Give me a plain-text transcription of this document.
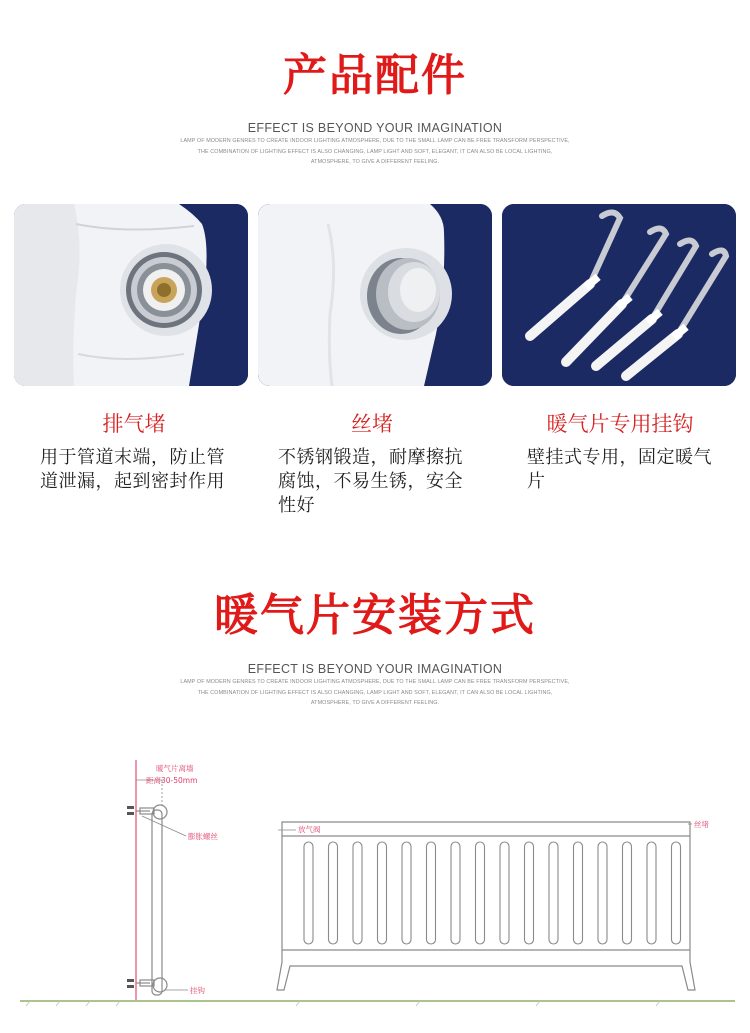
产品配件
EFFECT IS BEYOND YOUR IMAGINATION
LAMP OF MODERN GENRES TO CREATE INDOOR LIGHTING ATMOSPHERE, DUE TO THE SMALL LAMP CAN BE FREE TRANSFORM PERSPECTIVE,
THE COMBINATION OF LIGHTING EFFECT IS ALSO CHANGING, LAMP LIGHT AND SOFT, ELEGANT, IT CAN ALSO BE LOCAL LIGHTING,
ATMOSPHERE, TO GIVE A DIFFERENT FEELING.
排气堵	丝堵	暖气片专用挂钩
用于管道末端，防止管
道泄漏，起到密封作用
不锈钢锻造，耐摩擦抗
腐蚀，不易生锈，安全
性好
壁挂式专用，固定暖气
片
暖气片安装方式
EFFECT IS BEYOND YOUR IMAGINATION
LAMP OF MODERN GENRES TO CREATE INDOOR LIGHTING ATMOSPHERE, DUE TO THE SMALL LAMP CAN BE FREE TRANSFORM PERSPECTIVE,
THE COMBINATION OF LIGHTING EFFECT IS ALSO CHANGING, LAMP LIGHT AND SOFT, ELEGANT, IT CAN ALSO BE LOCAL LIGHTING,
ATMOSPHERE, TO GIVE A DIFFERENT FEELING.
暖气片离墙
距离30-50mm
膨胀螺丝
挂钩
放气阀
丝堵
